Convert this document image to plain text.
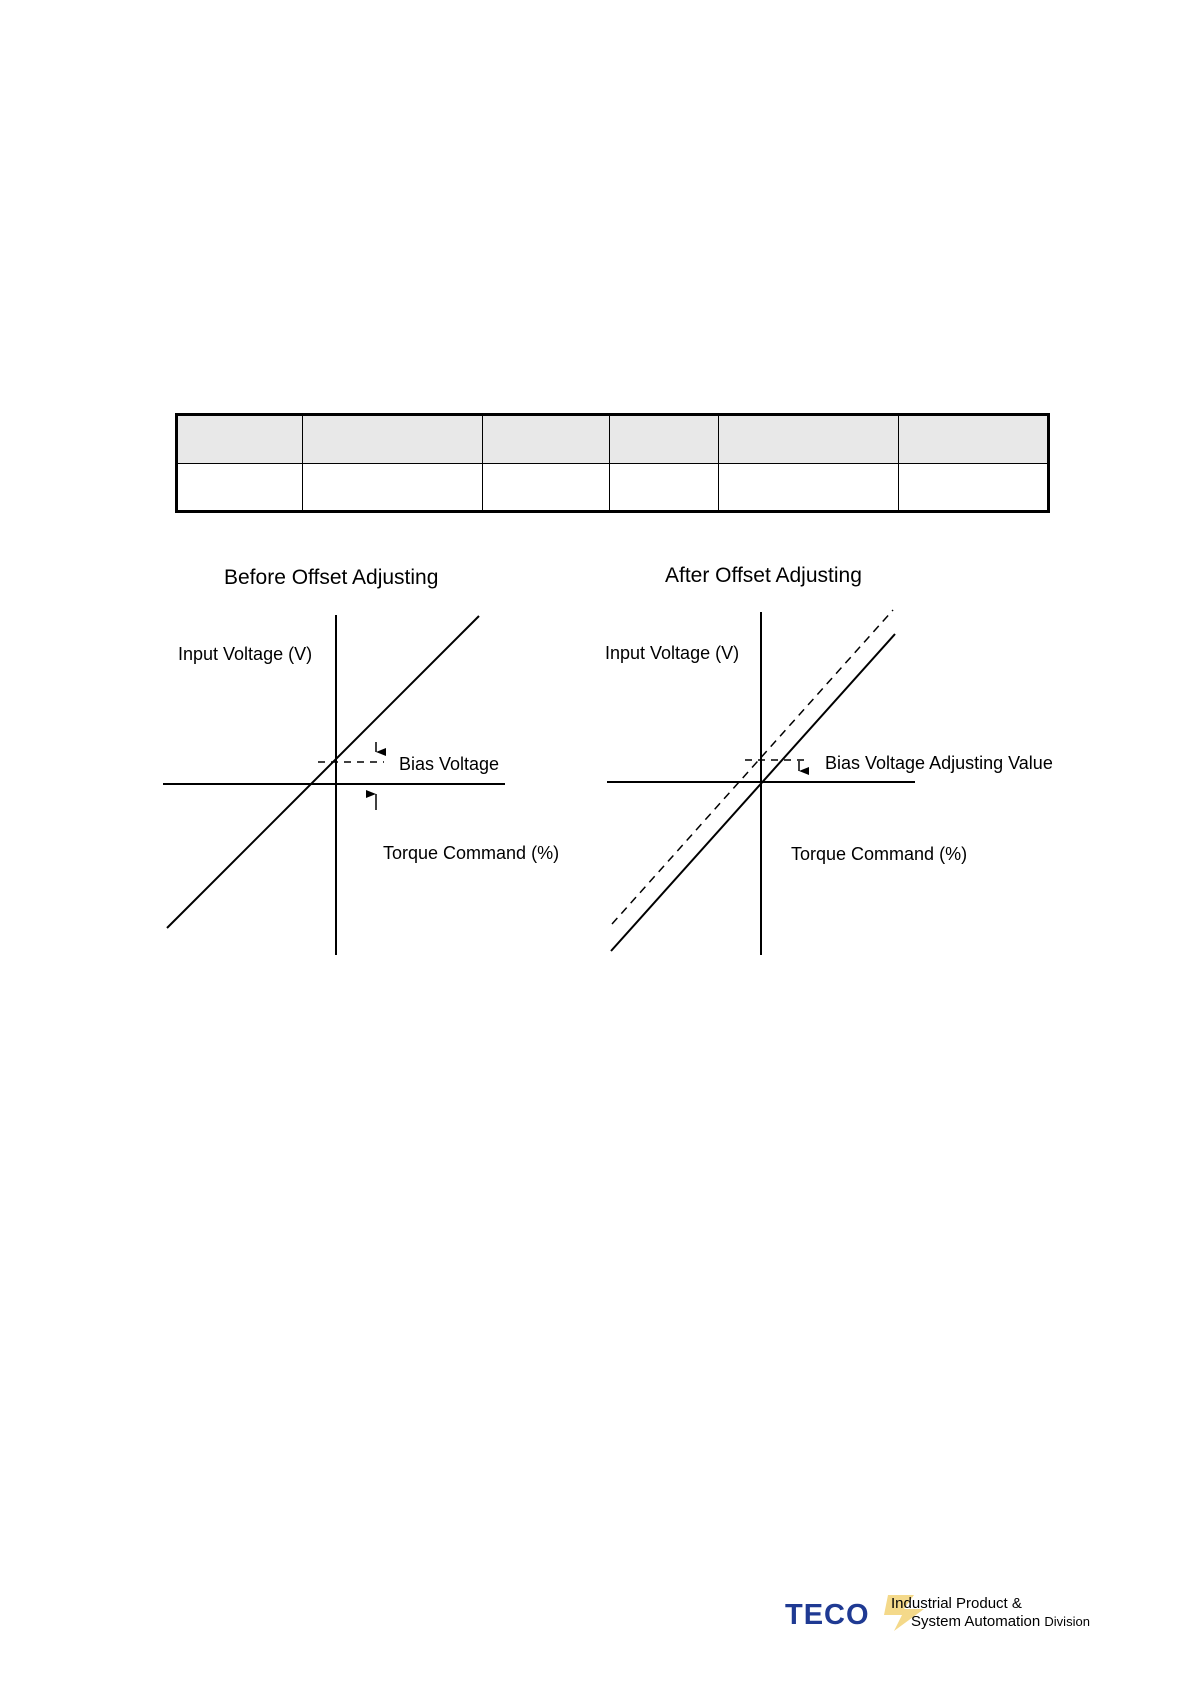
Before Offset Adjusting
Input Voltage (V)
Bias Voltage
Torque Command (%)
After Offset Adjusting
Input Voltage (V)
Bias Voltage Adjusting Value
Torque Command (%)
TECO Industrial Product &
System Automation Division
